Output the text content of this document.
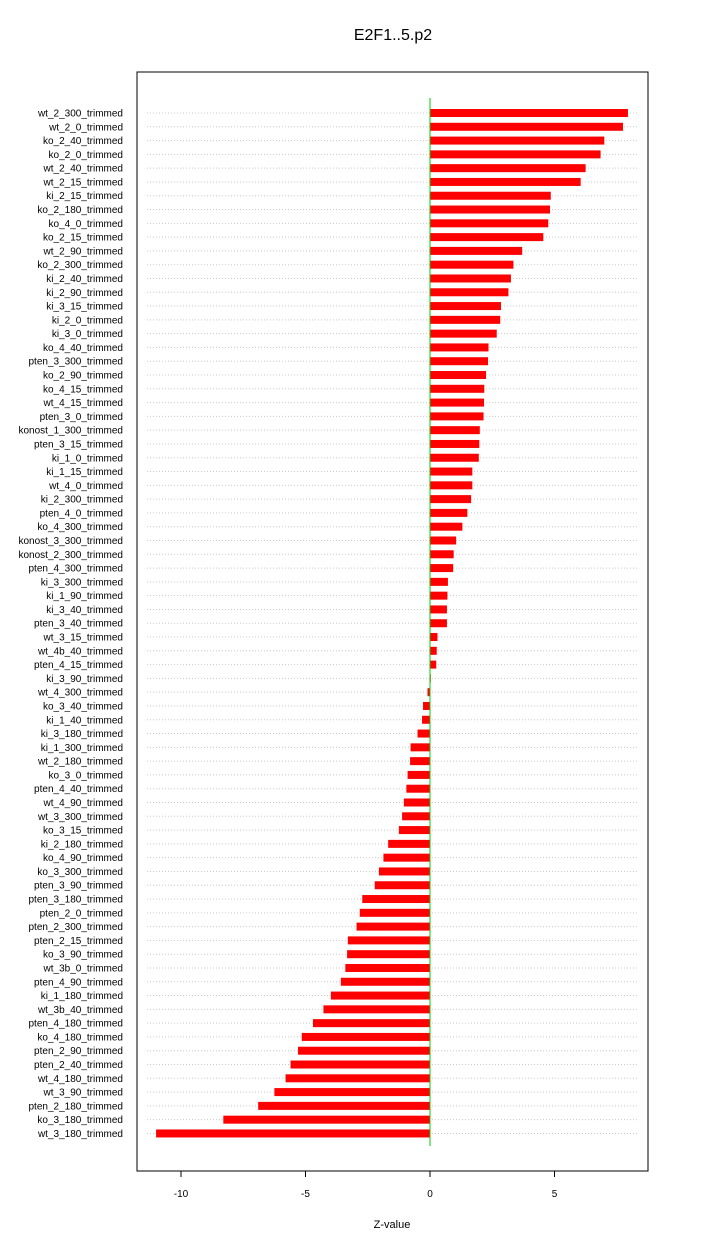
E2F1..5.p2
wt_2_300_trimmed
wt_2_0_trimmed
ko_2_40_trimmed
ko_2_0_trimmed
wt_2_40_trimmed
wt_2_15_trimmed
ki_2_15_trimmed
ko_2_180_trimmed
ko_4_0_trimmed
ko_2_15_trimmed
wt_2_90_trimmed
ko_2_300_trimmed
ki_2_40_trimmed
ki_2_90_trimmed
ki_3_15_trimmed
ki_2_0_trimmed
ki_3_0_trimmed
ko_4_40_trimmed
pten_3_300_trimmed
ko_2_90_trimmed
ko_4_15_trimmed
wt_4_15_trimmed
pten_3_0_trimmed
konost_1_300_trimmed
pten_3_15_trimmed
ki_1_0_trimmed
ki_1_15_trimmed
wt_4_0_trimmed
ki_2_300_trimmed
pten_4_0_trimmed
ko_4_300_trimmed
konost_3_300_trimmed
konost_2_300_trimmed
pten_4_300_trimmed
ki_3_300_trimmed
ki_1_90_trimmed
ki_3_40_trimmed
pten_3_40_trimmed
wt_3_15_trimmed
wt_4b_40_trimmed
pten_4_15_trimmed
ki_3_90_trimmed
wt_4_300_trimmed
ko_3_40_trimmed
ki_1_40_trimmed
ki_3_180_trimmed
ki_1_300_trimmed
wt_2_180_trimmed
ko_3_0_trimmed
pten_4_40_trimmed
wt_4_90_trimmed
wt_3_300_trimmed
ko_3_15_trimmed
ki_2_180_trimmed
ko_4_90_trimmed
ko_3_300_trimmed
pten_3_90_trimmed
pten_3_180_trimmed
pten_2_0_trimmed
pten_2_300_trimmed
pten_2_15_trimmed
ko_3_90_trimmed
wt_3b_0_trimmed
pten_4_90_trimmed
ki_1_180_trimmed
wt_3b_40_trimmed
pten_4_180_trimmed
ko_4_180_trimmed
pten_2_90_trimmed
pten_2_40_trimmed
wt_4_180_trimmed
wt_3_90_trimmed
pten_2_180_trimmed
ko_3_180_trimmed
wt_3_180_trimmed
-10	-5	0	5
Z-value
